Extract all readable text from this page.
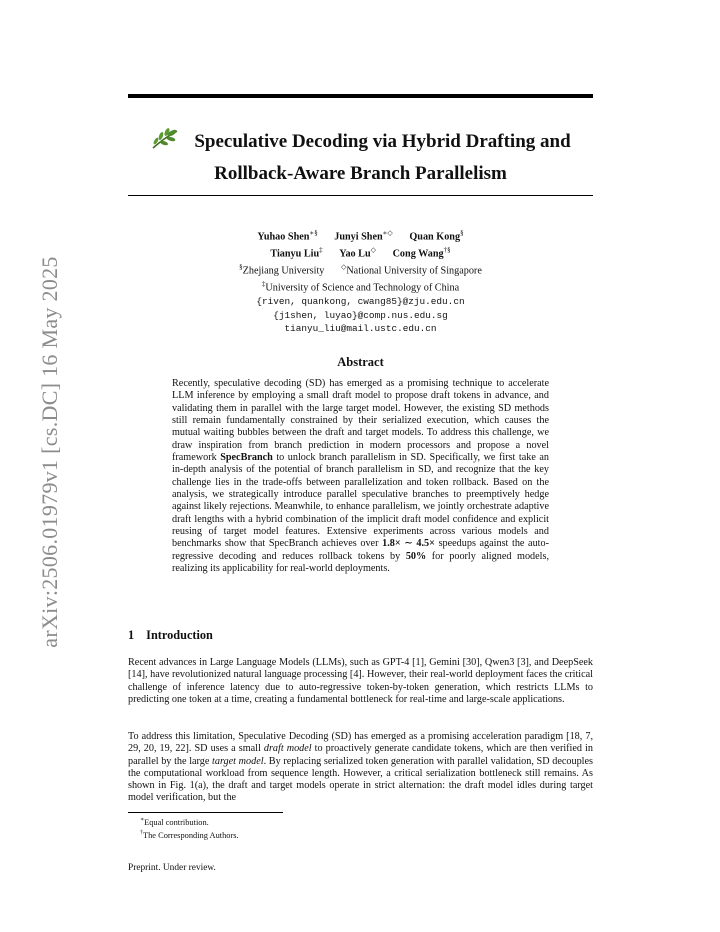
arXiv:2506.01979v1 [cs.DC] 16 May 2025
Speculative Decoding via Hybrid Drafting and
Rollback-Aware Branch Parallelism
Yuhao Shen∗§ Junyi Shen∗◇ Quan Kong§
Tianyu Liu‡ Yao Lu◇ Cong Wang†§
§Zhejiang University ◇National University of Singapore
‡University of Science and Technology of China
{riven, quankong, cwang85}@zju.edu.cn
{j1shen, luyao}@comp.nus.edu.sg
tianyu_liu@mail.ustc.edu.cn
Abstract
Recently, speculative decoding (SD) has emerged as a promising technique to accelerate LLM inference by employing a small draft model to propose draft tokens in advance, and validating them in parallel with the large target model. However, the existing SD methods still remain fundamentally constrained by their serialized execution, which causes the mutual waiting bubbles between the draft and target models. To address this challenge, we draw inspiration from branch prediction in modern processors and propose a novel framework SpecBranch to unlock branch parallelism in SD. Specifically, we first take an in-depth analysis of the potential of branch parallelism in SD, and recognize that the key challenge lies in the trade-offs between parallelization and token rollback. Based on the analysis, we strategically introduce parallel speculative branches to preemptively hedge against likely rejections. Meanwhile, to enhance parallelism, we jointly orchestrate adaptive draft lengths with a hybrid combination of the implicit draft model confidence and explicit reusing of target model features. Extensive experiments across various models and benchmarks show that SpecBranch achieves over 1.8× ∼ 4.5× speedups against the auto-regressive decoding and reduces rollback tokens by 50% for poorly aligned models, realizing its applicability for real-world deployments.
1 Introduction
Recent advances in Large Language Models (LLMs), such as GPT-4 [1], Gemini [30], Qwen3 [3], and DeepSeek [14], have revolutionized natural language processing [4]. However, their real-world deployment faces the critical challenge of inference latency due to auto-regressive token-by-token generation, which restricts LLMs to predicting one token at a time, creating a fundamental bottleneck for real-time and large-scale applications.
To address this limitation, Speculative Decoding (SD) has emerged as a promising acceleration paradigm [18, 7, 29, 20, 19, 22]. SD uses a small draft model to proactively generate candidate tokens, which are then verified in parallel by the large target model. By replacing serialized token generation with parallel validation, SD decouples the computational workload from sequence length. However, a critical serialization bottleneck still remains. As shown in Fig. 1(a), the draft and target models operate in strict alternation: the draft model idles during target model verification, but the
∗Equal contribution.
†The Corresponding Authors.
Preprint. Under review.
